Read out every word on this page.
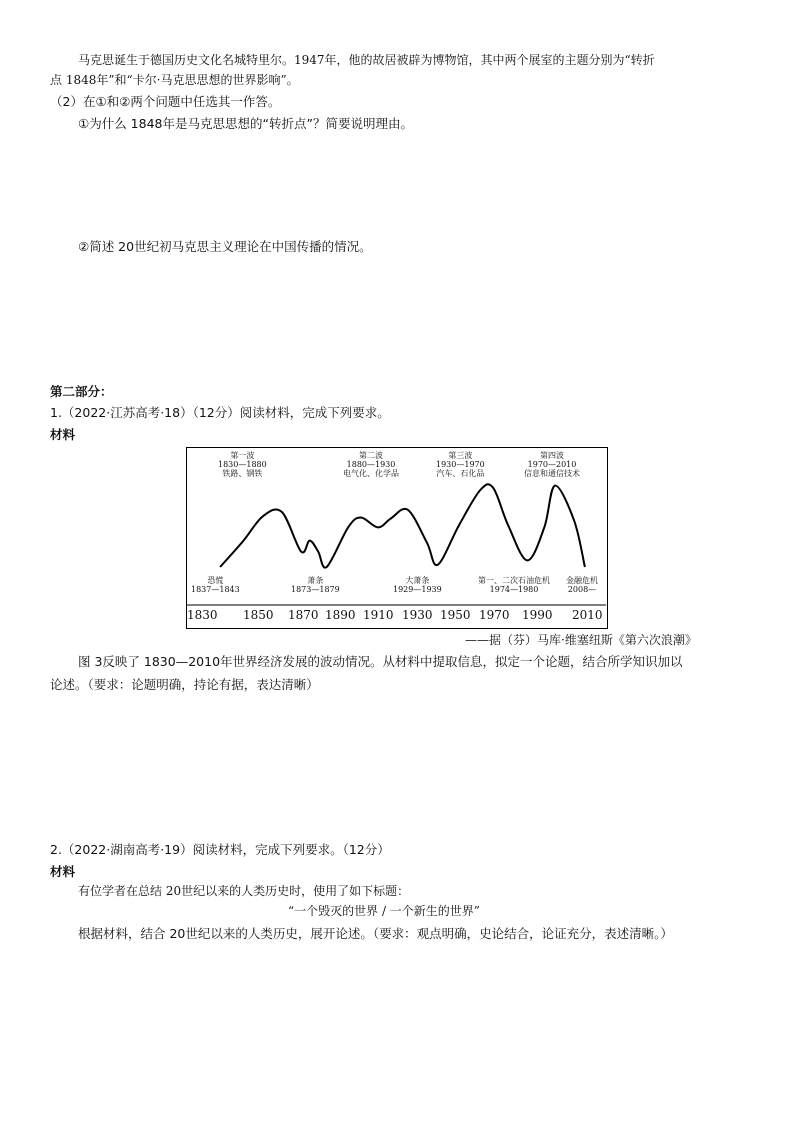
马克思诞生于德国历史文化名城特里尔。1947年，他的故居被辟为博物馆，其中两个展室的主题分别为“转折
点 1848年”和“卡尔·马克思思想的世界影响”。
（2）在①和②两个问题中任选其一作答。
①为什么 1848年是马克思思想的“转折点”？简要说明理由。
②简述 20世纪初马克思主义理论在中国传播的情况。
第二部分：
1.（2022·江苏高考·18）（12分）阅读材料，完成下列要求。
材料
第一波
1830—1880
铁路、钢铁
第二波
1880—1930
电气化、化学品
第三波
1930—1970
汽车、石化品
第四波
1970—2010
信息和通信技术
恐慌
1837—1843
萧条
1873—1879
大萧条
1929—1939
第一、二次石油危机
1974—1980
金融危机
2008—
1830 1850 1870 1890 1910 1930 1950 1970 1990 2010
——据（芬）马库·维塞纽斯《第六次浪潮》
图 3反映了 1830—2010年世界经济发展的波动情况。从材料中提取信息，拟定一个论题，结合所学知识加以
论述。（要求：论题明确，持论有据，表达清晰）
2.（2022·湖南高考·19）阅读材料，完成下列要求。（12分）
材料
有位学者在总结 20世纪以来的人类历史时，使用了如下标题：
“一个毁灭的世界 / 一个新生的世界”
根据材料，结合 20世纪以来的人类历史，展开论述。（要求：观点明确，史论结合，论证充分，表述清晰。）
